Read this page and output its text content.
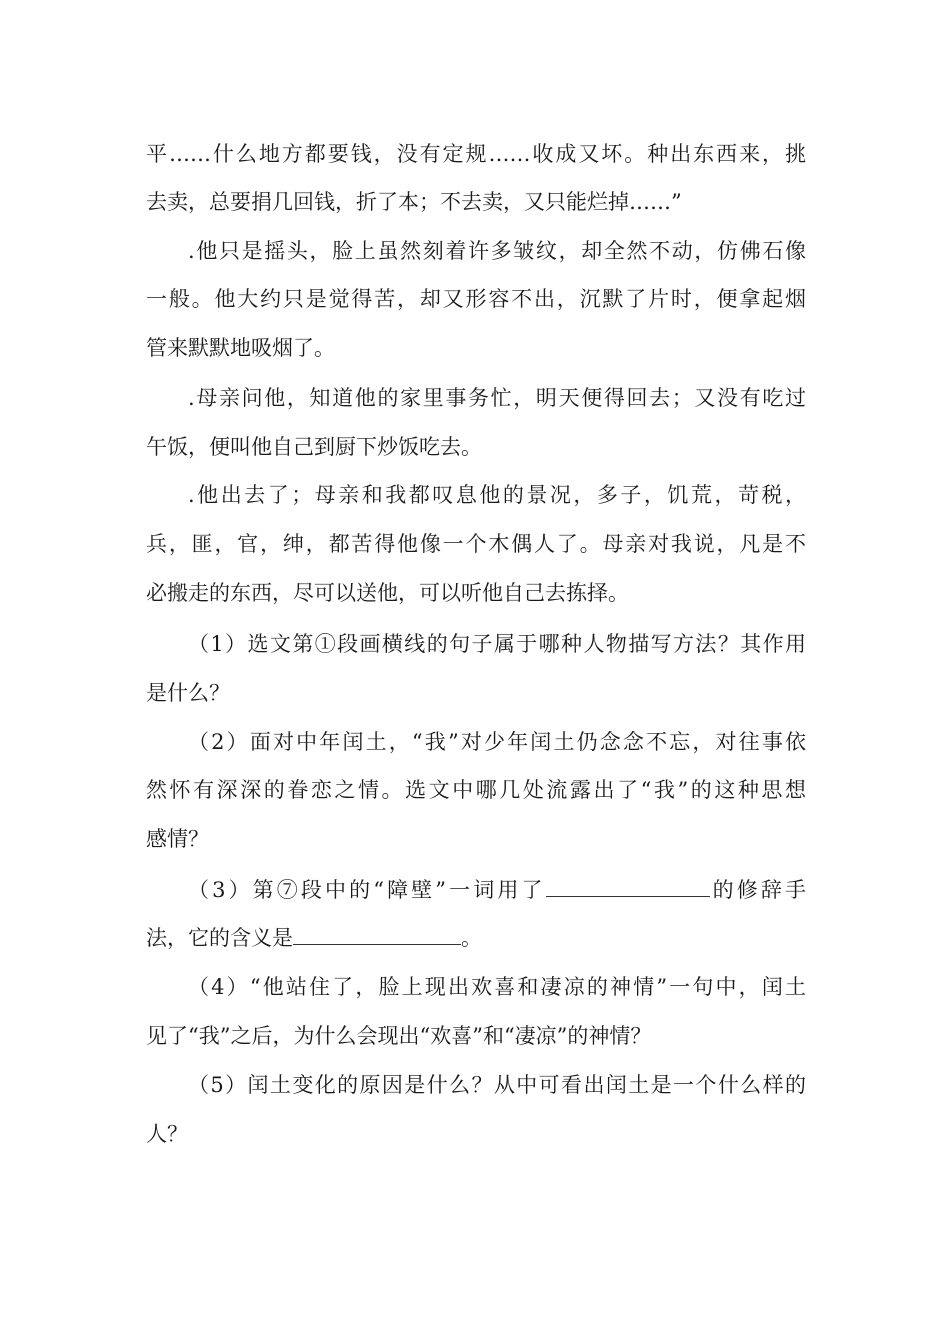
平……什么地方都要钱，没有定规……收成又坏。种出东西来，挑
去卖，总要捐几回钱，折了本；不去卖，又只能烂掉……”
.他只是摇头，脸上虽然刻着许多皱纹，却全然不动，仿佛石像
一般。他大约只是觉得苦，却又形容不出，沉默了片时，便拿起烟
管来默默地吸烟了。
.母亲问他，知道他的家里事务忙，明天便得回去；又没有吃过
午饭，便叫他自己到厨下炒饭吃去。
.他出去了；母亲和我都叹息他的景况，多子，饥荒，苛税，
兵，匪，官，绅，都苦得他像一个木偶人了。母亲对我说，凡是不
必搬走的东西，尽可以送他，可以听他自己去拣择。
（1）选文第①段画横线的句子属于哪种人物描写方法？其作用
是什么？
（2）面对中年闰土，“我”对少年闰土仍念念不忘，对往事依
然怀有深深的眷恋之情。选文中哪几处流露出了“我”的这种思想
感情？
（3）第⑦段中的“障壁”一词用了	的修辞手
法，它的含义是	。
（4）“他站住了，脸上现出欢喜和凄凉的神情”一句中，闰土
见了“我”之后，为什么会现出“欢喜”和“凄凉”的神情？
（5）闰土变化的原因是什么？从中可看出闰土是一个什么样的
人？
